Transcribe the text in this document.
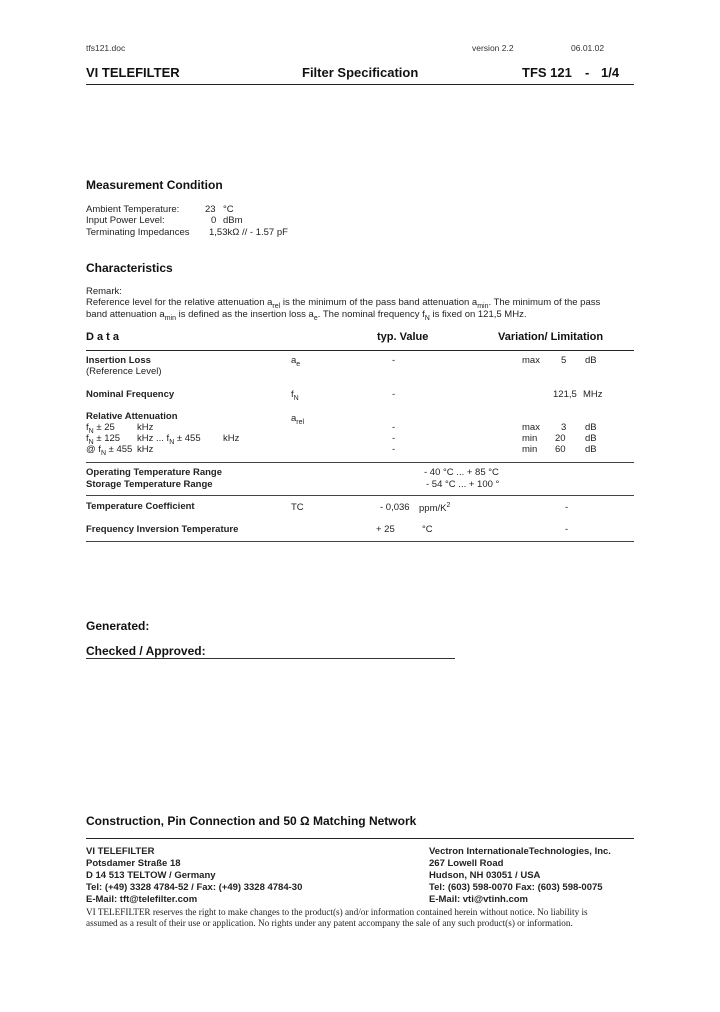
tfs121.doc	version 2.2	06.01.02
VI TELEFILTER	Filter Specification	TFS 121 - 1/4
Measurement Condition
Ambient Temperature:	23 °C
Input Power Level:	0 dBm
Terminating Impedances 1,53kΩ // - 1.57 pF
Characteristics
Remark:
Reference level for the relative attenuation $a_{rel}$ is the minimum of the pass band attenuation $a_{min}$. The minimum of the pass
band attenuation $a_{min}$ is defined as the insertion loss $a_e$. The nominal frequency $f_N$ is fixed on 121,5 MHz.
D a t a	typ. Value	Variation/ Limitation
Insertion Loss
(Reference Level)
$a_e$	-	max 5 dB
Nominal Frequency	$f_N$	-	121,5 MHz
Relative Attenuation	$a_{rel}$
$f_N \pm 25$ kHz	-	max 3 dB
$f_N \pm 125$ kHz ... $f_N \pm 455$ kHz	-	min 20 dB
@ $f_N \pm 455$ kHz	-	min 60 dB
Operating Temperature Range	- 40 °C ... + 85 °C
Storage Temperature Range	- 54 °C ... + 100 °
Temperature Coefficient	TC	- 0,036 ppm/$K^2$	-
Frequency Inversion Temperature	+ 25	°C	-
Generated:
Checked / Approved:
Construction, Pin Connection and 50 Ω Matching Network
VI TELEFILTER
Potsdamer Straße 18
D 14 513 TELTOW / Germany
Tel: (+49) 3328 4784-52 / Fax: (+49) 3328 4784-30
E-Mail: tft@telefilter.com
Vectron InternationaleTechnologies, Inc.
267 Lowell Road
Hudson, NH 03051 / USA
Tel: (603) 598-0070 Fax: (603) 598-0075
E-Mail: vti@vtinh.com
VI TELEFILTER reserves the right to make changes to the product(s) and/or information contained herein without notice. No liability is
assumed as a result of their use or application. No rights under any patent accompany the sale of any such product(s) or information.
